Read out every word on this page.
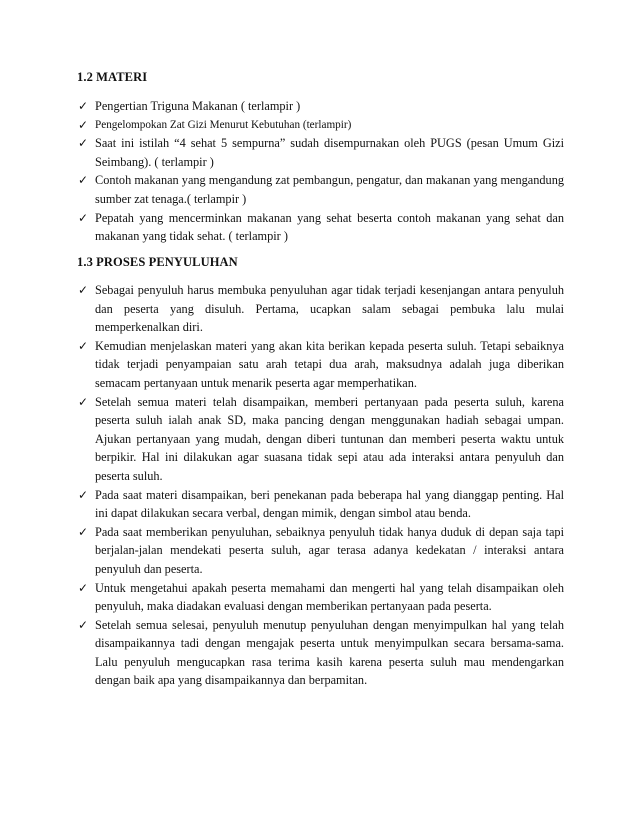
1.2 MATERI
✓ Pengertian Triguna Makanan ( terlampir )
✓ Pengelompokan Zat Gizi Menurut Kebutuhan (terlampir)
✓ Saat ini istilah “4 sehat 5 sempurna” sudah disempurnakan oleh PUGS (pesan Umum Gizi Seimbang). ( terlampir )
✓ Contoh makanan yang mengandung zat pembangun, pengatur, dan makanan yang mengandung sumber zat tenaga.( terlampir )
✓ Pepatah yang mencerminkan makanan yang sehat beserta contoh makanan yang sehat dan makanan yang tidak sehat. ( terlampir )
1.3 PROSES PENYULUHAN
✓ Sebagai penyuluh harus membuka penyuluhan agar tidak terjadi kesenjangan antara penyuluh dan peserta yang disuluh. Pertama, ucapkan salam sebagai pembuka lalu mulai memperkenalkan diri.
✓ Kemudian menjelaskan materi yang akan kita berikan kepada peserta suluh. Tetapi sebaiknya tidak terjadi penyampaian satu arah tetapi dua arah, maksudnya adalah juga diberikan semacam pertanyaan untuk menarik peserta agar memperhatikan.
✓ Setelah semua materi telah disampaikan, memberi pertanyaan pada peserta suluh, karena peserta suluh ialah anak SD, maka pancing dengan menggunakan hadiah sebagai umpan. Ajukan pertanyaan yang mudah, dengan diberi tuntunan dan memberi peserta waktu untuk berpikir. Hal ini dilakukan agar suasana tidak sepi atau ada interaksi antara penyuluh dan peserta suluh.
✓ Pada saat materi disampaikan, beri penekanan pada beberapa hal yang dianggap penting. Hal ini dapat dilakukan secara verbal, dengan mimik, dengan simbol atau benda.
✓ Pada saat memberikan penyuluhan, sebaiknya penyuluh tidak hanya duduk di depan saja tapi berjalan-jalan mendekati peserta suluh, agar terasa adanya kedekatan / interaksi antara penyuluh dan peserta.
✓ Untuk mengetahui apakah peserta memahami dan mengerti hal yang telah disampaikan oleh penyuluh, maka diadakan evaluasi dengan memberikan pertanyaan pada peserta.
✓ Setelah semua selesai, penyuluh menutup penyuluhan dengan menyimpulkan hal yang telah disampaikannya tadi dengan mengajak peserta untuk menyimpulkan secara bersama-sama. Lalu penyuluh mengucapkan rasa terima kasih karena peserta suluh mau mendengarkan dengan baik apa yang disampaikannya dan berpamitan.
